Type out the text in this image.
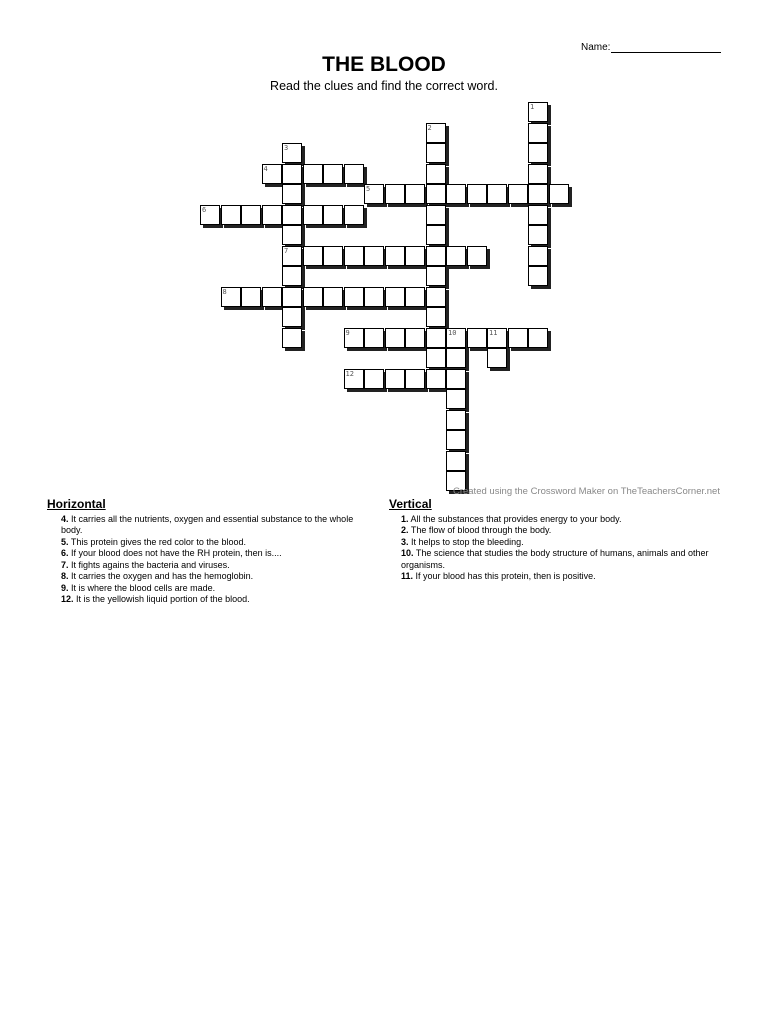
Name:
THE BLOOD
Read the clues and find the correct word.
1
2
3
4
5
6
7
8
9	10	11
12
Created using the Crossword Maker on TheTeachersCorner.net
Horizontal
4. It carries all the nutrients, oxygen and essential substance to the whole body.
5. This protein gives the red color to the blood.
6. If your blood does not have the RH protein, then is....
7. It fights agains the bacteria and viruses.
8. It carries the oxygen and has the hemoglobin.
9. It is where the blood cells are made.
12. It is the yellowish liquid portion of the blood.
Vertical
1. All the substances that provides energy to your body.
2. The flow of blood through the body.
3. It helps to stop the bleeding.
10. The science that studies the body structure of humans, animals and other organisms.
11. If your blood has this protein, then is positive.
